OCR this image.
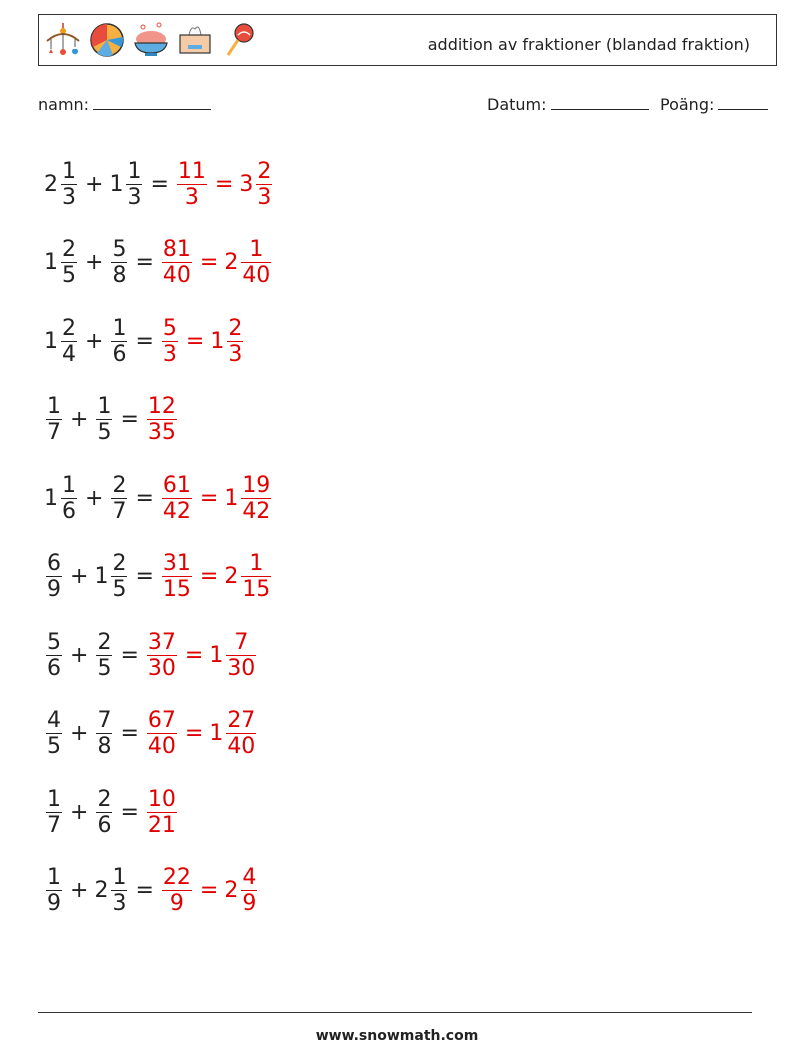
addition av fraktioner (blandad fraktion)
namn:	Datum:	Poäng:
$2 \frac{1}{3} + 1 \frac{1}{3} = \frac{11}{3} = 3 \frac{2}{3}$
$1 \frac{2}{5} + \frac{5}{8} = \frac{81}{40} = 2 \frac{1}{40}$
$1 \frac{2}{4} + \frac{1}{6} = \frac{5}{3} = 1 \frac{2}{3}$
$\frac{1}{7} + \frac{1}{5} = \frac{12}{35}$
$1 \frac{1}{6} + \frac{2}{7} = \frac{61}{42} = 1 \frac{19}{42}$
$\frac{6}{9} + 1 \frac{2}{5} = \frac{31}{15} = 2 \frac{1}{15}$
$\frac{5}{6} + \frac{2}{5} = \frac{37}{30} = 1 \frac{7}{30}$
$\frac{4}{5} + \frac{7}{8} = \frac{67}{40} = 1 \frac{27}{40}$
$\frac{1}{7} + \frac{2}{6} = \frac{10}{21}$
$\frac{1}{9} + 2 \frac{1}{3} = \frac{22}{9} = 2 \frac{4}{9}$
www.snowmath.com
